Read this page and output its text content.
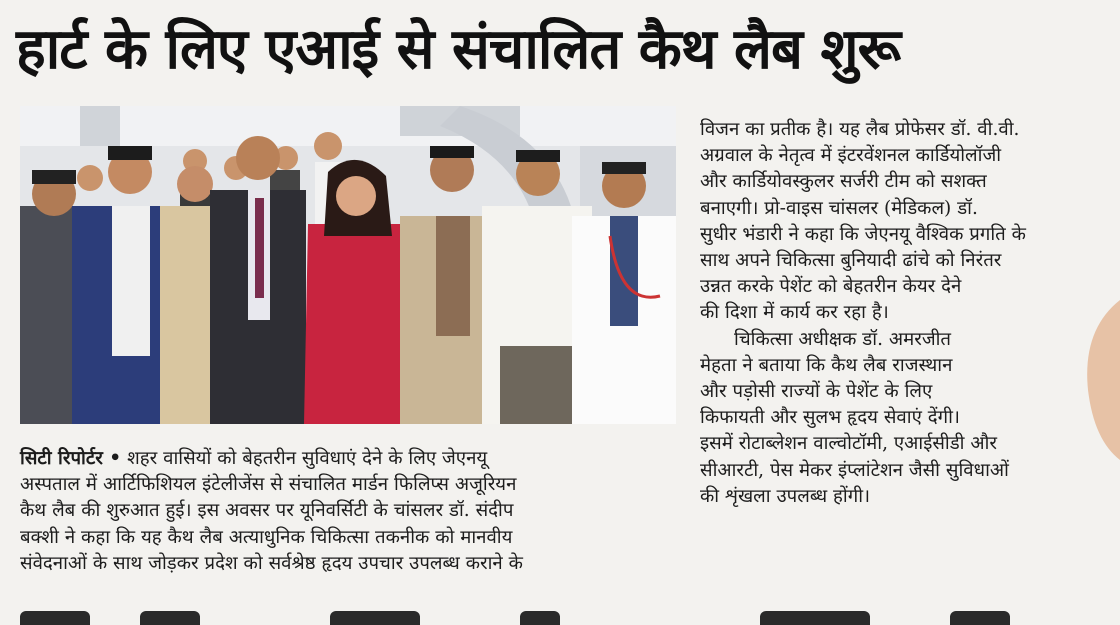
हार्ट के लिए एआई से संचालित कैथ लैब शुरू

सिटी रिपोर्टर • शहर वासियों को बेहतरीन सुविधाएं देने के लिए जेएनयू

अस्पताल में आर्टिफिशियल इंटेलीजेंस से संचालित मार्डन फिलिप्स अजूरियन

कैथ लैब की शुरुआत हुई। इस अवसर पर यूनिवर्सिटी के चांसलर डॉ. संदीप

बक्शी ने कहा कि यह कैथ लैब अत्याधुनिक चिकित्सा तकनीक को मानवीय

संवेदनाओं के साथ जोड़कर प्रदेश को सर्वश्रेष्ठ हृदय उपचार उपलब्ध कराने के

विजन का प्रतीक है। यह लैब प्रोफेसर डॉ. वी.वी.

अग्रवाल के नेतृत्व में इंटरवेंशनल कार्डियोलॉजी

और कार्डियोवस्कुलर सर्जरी टीम को सशक्त

बनाएगी। प्रो-वाइस चांसलर (मेडिकल) डॉ.

सुधीर भंडारी ने कहा कि जेएनयू वैश्विक प्रगति के

साथ अपने चिकित्सा बुनियादी ढांचे को निरंतर

उन्नत करके पेशेंट को बेहतरीन केयर देने

की दिशा में कार्य कर रहा है।

चिकित्सा अधीक्षक डॉ. अमरजीत

मेहता ने बताया कि कैथ लैब राजस्थान

और पड़ोसी राज्यों के पेशेंट के लिए

किफायती और सुलभ हृदय सेवाएं देंगी।

इसमें रोटाब्लेशन वाल्वोटॉमी, एआईसीडी और

सीआरटी, पेस मेकर इंप्लांटेशन जैसी सुविधाओं

की शृंखला उपलब्ध होंगी।
